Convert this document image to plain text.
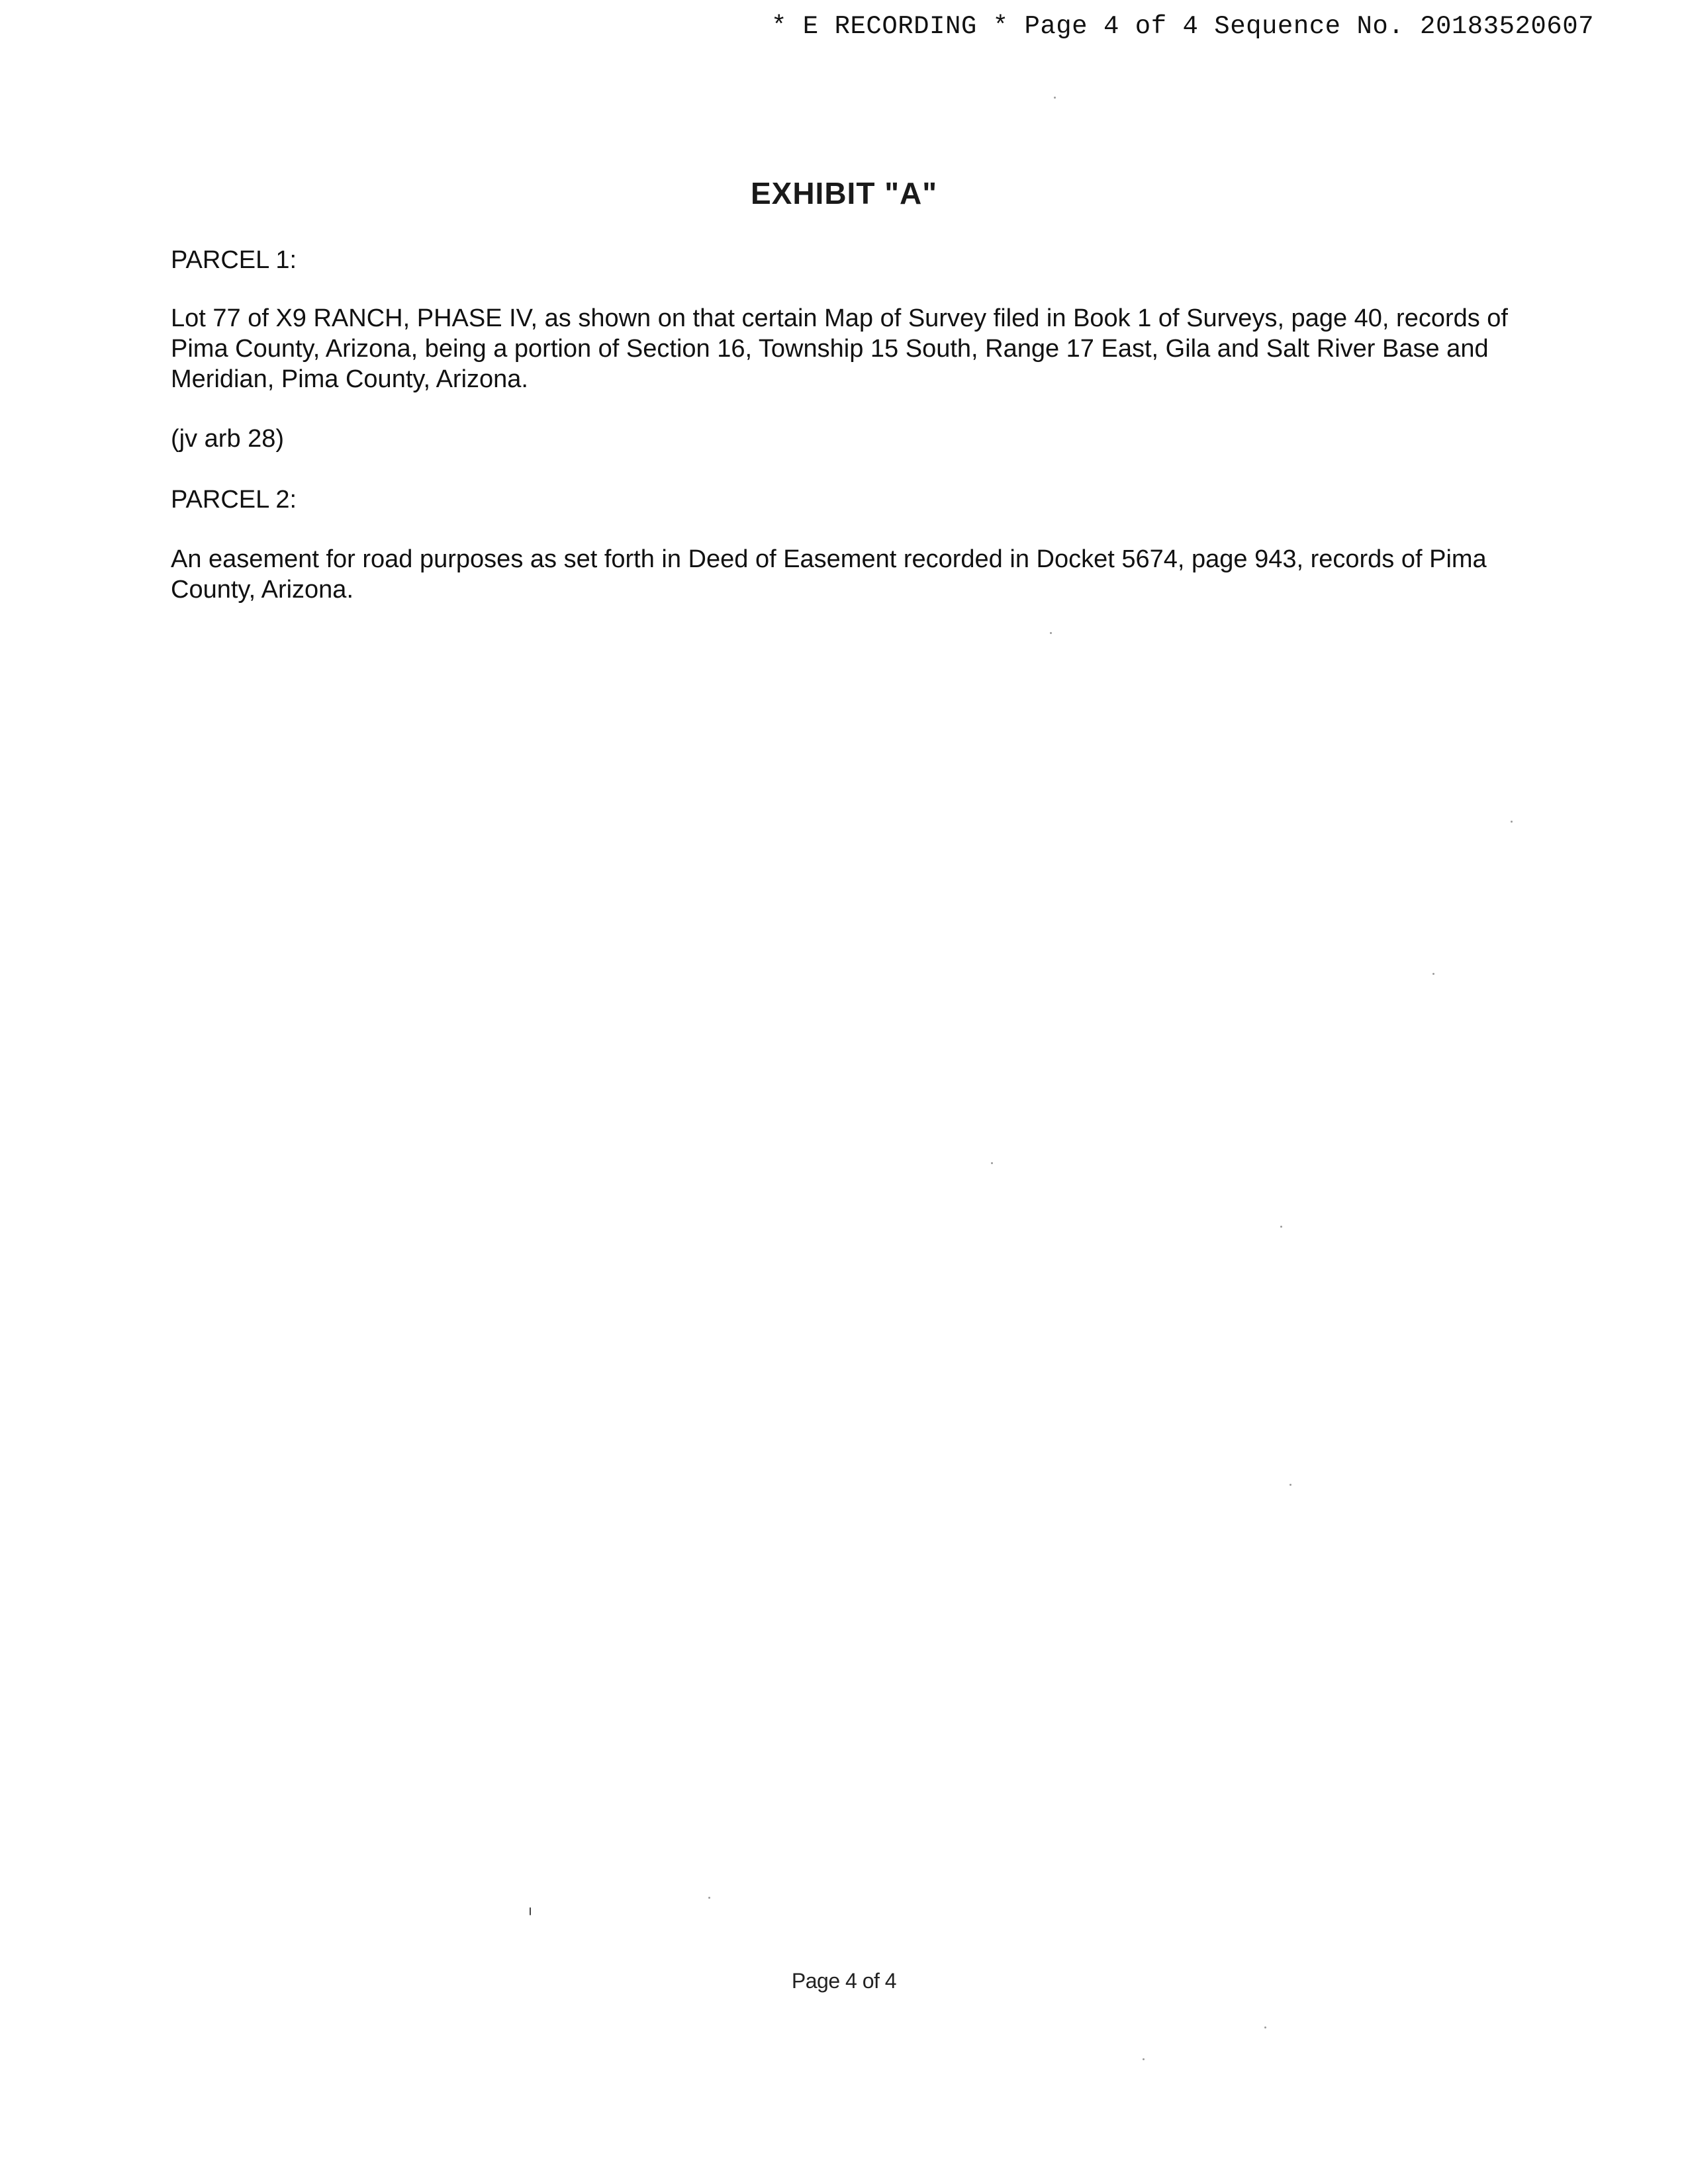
* E RECORDING * Page 4 of 4 Sequence No. 20183520607
EXHIBIT "A"
PARCEL 1:
Lot 77 of X9 RANCH, PHASE IV, as shown on that certain Map of Survey filed in Book 1 of Surveys, page 40, records of Pima County, Arizona, being a portion of Section 16, Township 15 South, Range 17 East, Gila and Salt River Base and Meridian, Pima County, Arizona.
(jv arb 28)
PARCEL 2:
An easement for road purposes as set forth in Deed of Easement recorded in Docket 5674, page 943, records of Pima County, Arizona.
Page 4 of 4
